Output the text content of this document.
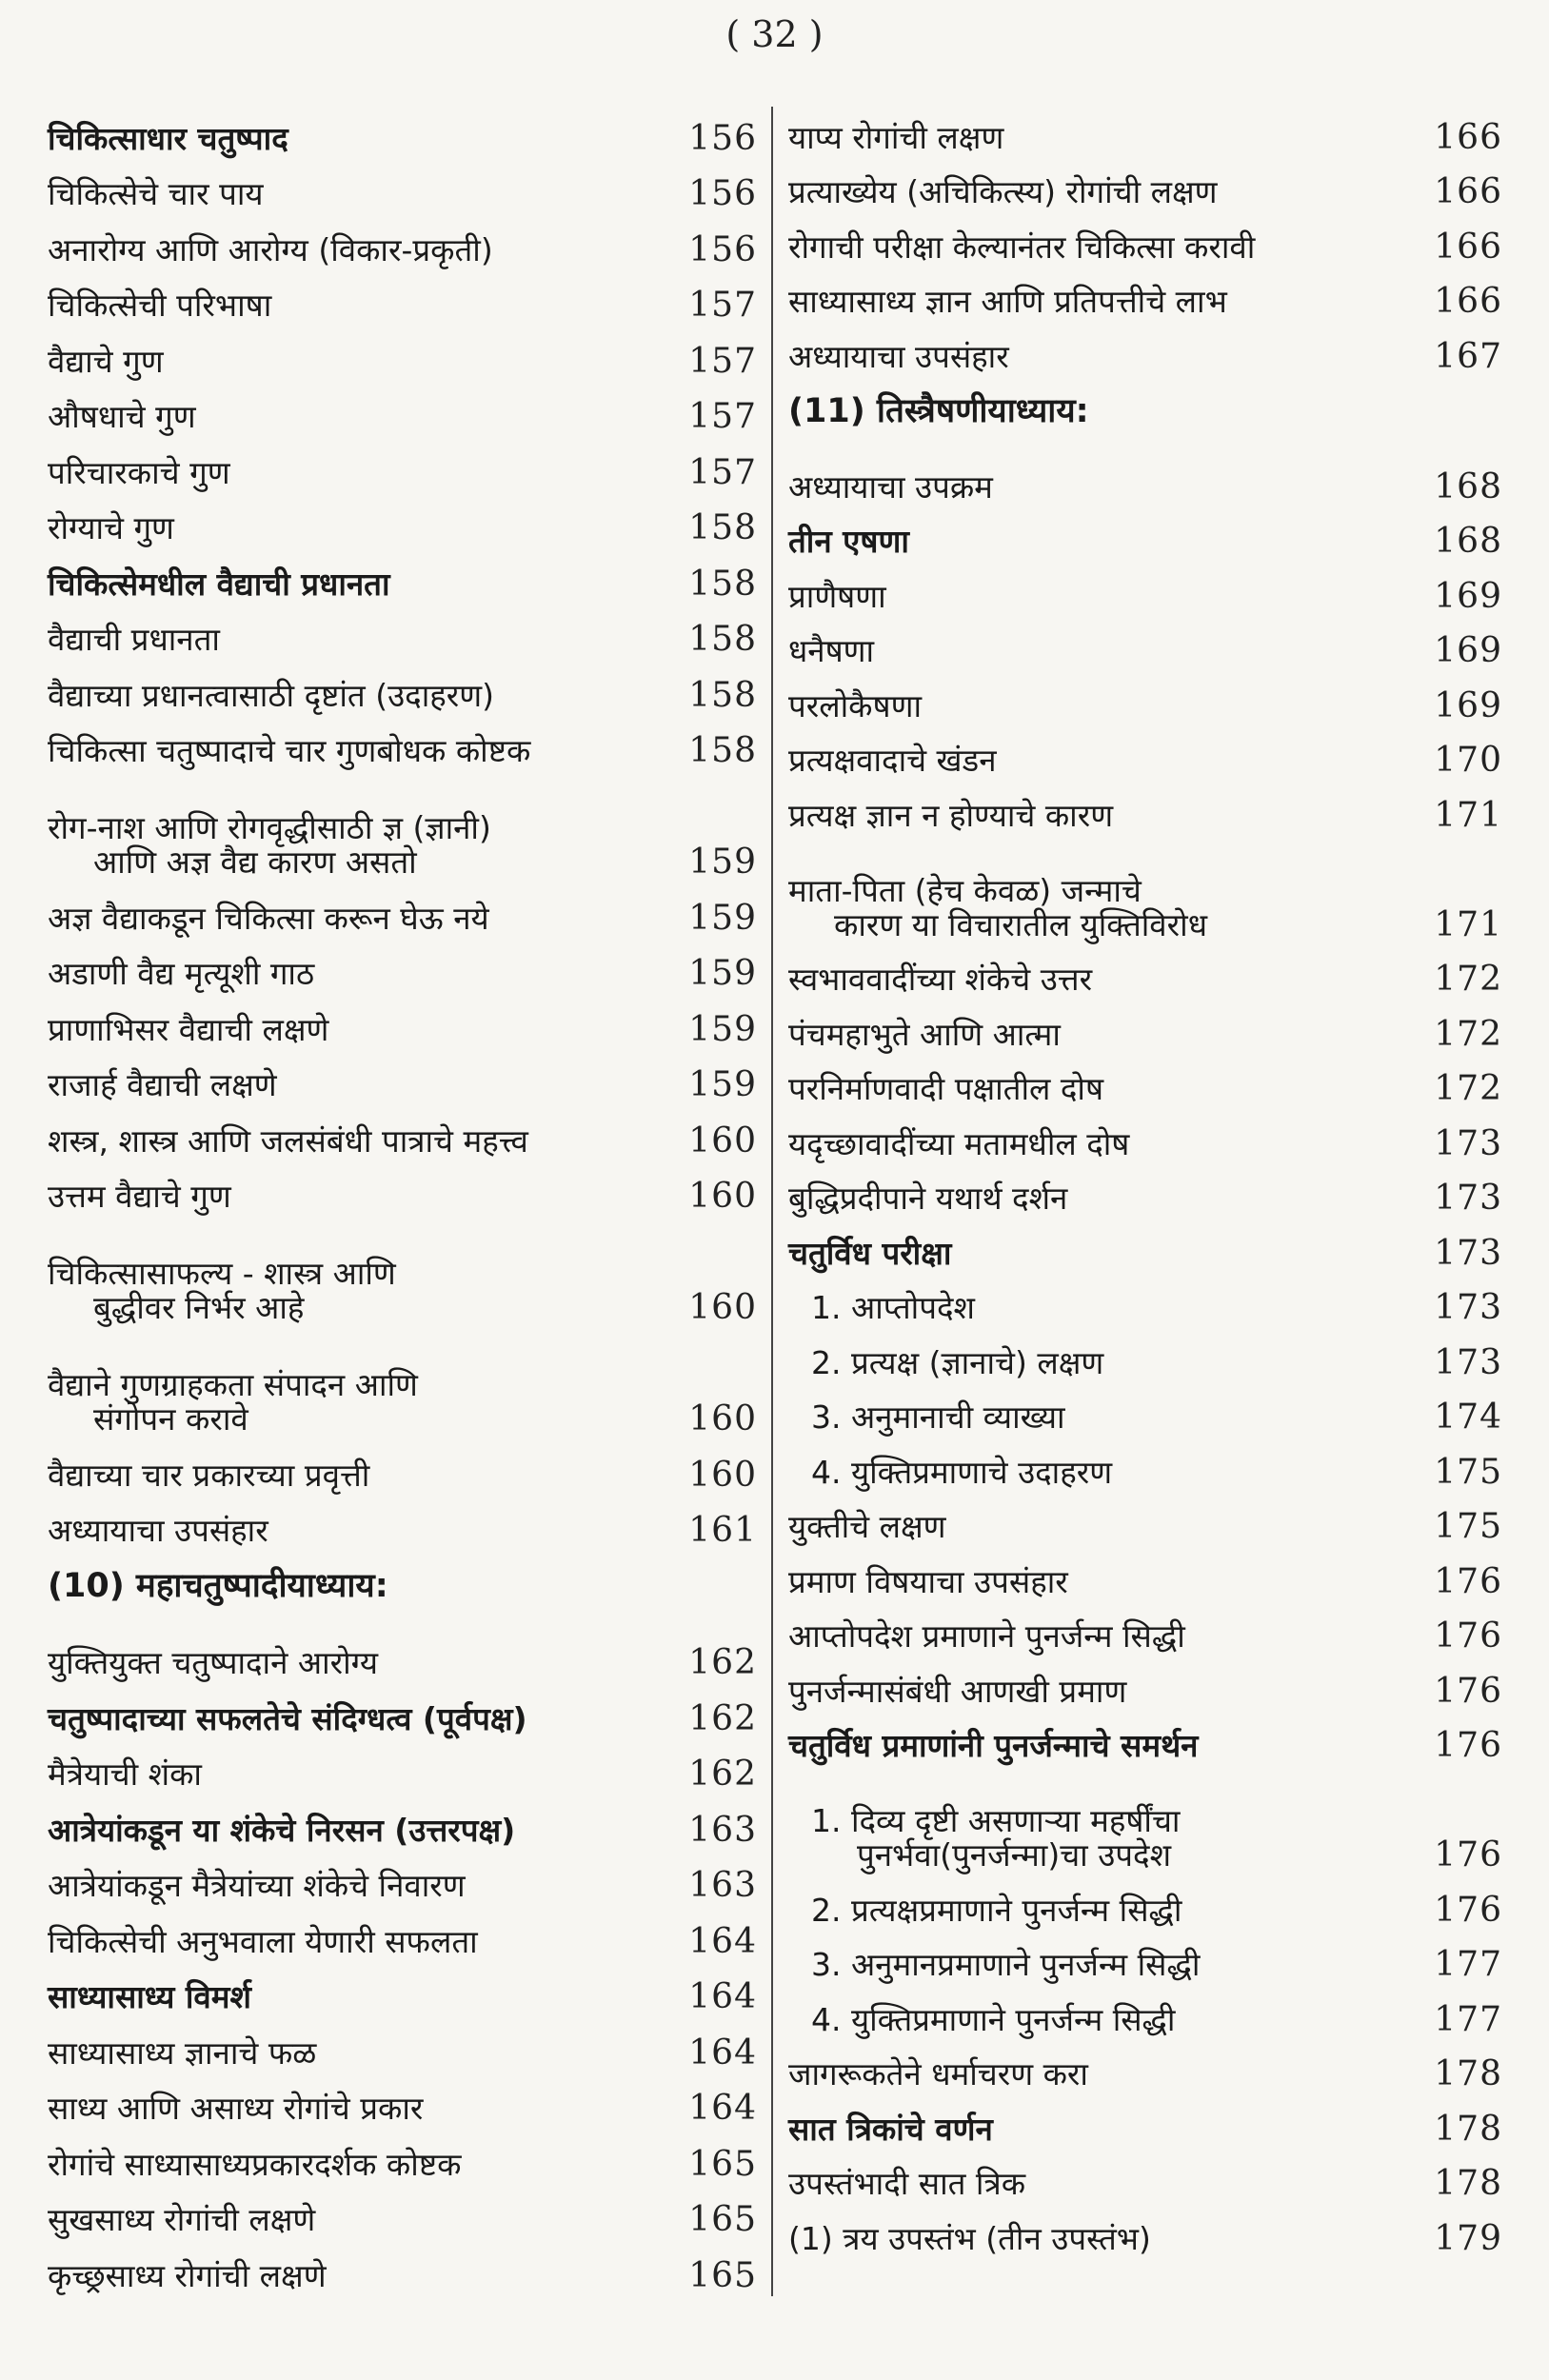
( 32 )
चिकित्साधार चतुष्पाद	156
चिकित्सेचे चार पाय	156
अनारोग्य आणि आरोग्य (विकार-प्रकृती)	156
चिकित्सेची परिभाषा	157
वैद्याचे गुण	157
औषधाचे गुण	157
परिचारकाचे गुण	157
रोग्याचे गुण	158
चिकित्सेमधील वैद्याची प्रधानता	158
वैद्याची प्रधानता	158
वैद्याच्या प्रधानत्वासाठी दृष्टांत (उदाहरण)	158
चिकित्सा चतुष्पादाचे चार गुणबोधक कोष्टक	158
रोग-नाश आणि रोगवृद्धीसाठी ज्ञ (ज्ञानी)
आणि अज्ञ वैद्य कारण असतो	159
अज्ञ वैद्याकडून चिकित्सा करून घेऊ नये	159
अडाणी वैद्य मृत्यूशी गाठ	159
प्राणाभिसर वैद्याची लक्षणे	159
राजार्ह वैद्याची लक्षणे	159
शस्त्र, शास्त्र आणि जलसंबंधी पात्राचे महत्त्व	160
उत्तम वैद्याचे गुण	160
चिकित्सासाफल्य - शास्त्र आणि
बुद्धीवर निर्भर आहे	160
वैद्याने गुणग्राहकता संपादन आणि
संगोपन करावे	160
वैद्याच्या चार प्रकारच्या प्रवृत्ती	160
अध्यायाचा उपसंहार	161
(10) महाचतुष्पादीयाध्याय:
युक्तियुक्त चतुष्पादाने आरोग्य	162
चतुष्पादाच्या सफलतेचे संदिग्धत्व (पूर्वपक्ष)	162
मैत्रेयाची शंका	162
आत्रेयांकडून या शंकेचे निरसन (उत्तरपक्ष)	163
आत्रेयांकडून मैत्रेयांच्या शंकेचे निवारण	163
चिकित्सेची अनुभवाला येणारी सफलता	164
साध्यासाध्य विमर्श	164
साध्यासाध्य ज्ञानाचे फळ	164
साध्य आणि असाध्य रोगांचे प्रकार	164
रोगांचे साध्यासाध्यप्रकारदर्शक कोष्टक	165
सुखसाध्य रोगांची लक्षणे	165
कृच्छ्रसाध्य रोगांची लक्षणे	165
याप्य रोगांची लक्षण	166
प्रत्याख्येय (अचिकित्स्य) रोगांची लक्षण	166
रोगाची परीक्षा केल्यानंतर चिकित्सा करावी	166
साध्यासाध्य ज्ञान आणि प्रतिपत्तीचे लाभ	166
अध्यायाचा उपसंहार	167
(11) तिस्त्रैषणीयाध्याय:
अध्यायाचा उपक्रम	168
तीन एषणा	168
प्राणैषणा	169
धनैषणा	169
परलोकैषणा	169
प्रत्यक्षवादाचे खंडन	170
प्रत्यक्ष ज्ञान न होण्याचे कारण	171
माता-पिता (हेच केवळ) जन्माचे
कारण या विचारातील युक्तिविरोध	171
स्वभाववादींच्या शंकेचे उत्तर	172
पंचमहाभुते आणि आत्मा	172
परनिर्माणवादी पक्षातील दोष	172
यदृच्छावादींच्या मतामधील दोष	173
बुद्धिप्रदीपाने यथार्थ दर्शन	173
चतुर्विध परीक्षा	173
1. आप्तोपदेश	173
2. प्रत्यक्ष (ज्ञानाचे) लक्षण	173
3. अनुमानाची व्याख्या	174
4. युक्तिप्रमाणाचे उदाहरण	175
युक्तीचे लक्षण	175
प्रमाण विषयाचा उपसंहार	176
आप्तोपदेश प्रमाणाने पुनर्जन्म सिद्धी	176
पुनर्जन्मासंबंधी आणखी प्रमाण	176
चतुर्विध प्रमाणांनी पुनर्जन्माचे समर्थन	176
1. दिव्य दृष्टी असणाऱ्या महर्षींचा
पुनर्भवा(पुनर्जन्मा)चा उपदेश	176
2. प्रत्यक्षप्रमाणाने पुनर्जन्म सिद्धी	176
3. अनुमानप्रमाणाने पुनर्जन्म सिद्धी	177
4. युक्तिप्रमाणाने पुनर्जन्म सिद्धी	177
जागरूकतेने धर्माचरण करा	178
सात त्रिकांचे वर्णन	178
उपस्तंभादी सात त्रिक	178
(1) त्रय उपस्तंभ (तीन उपस्तंभ)	179
